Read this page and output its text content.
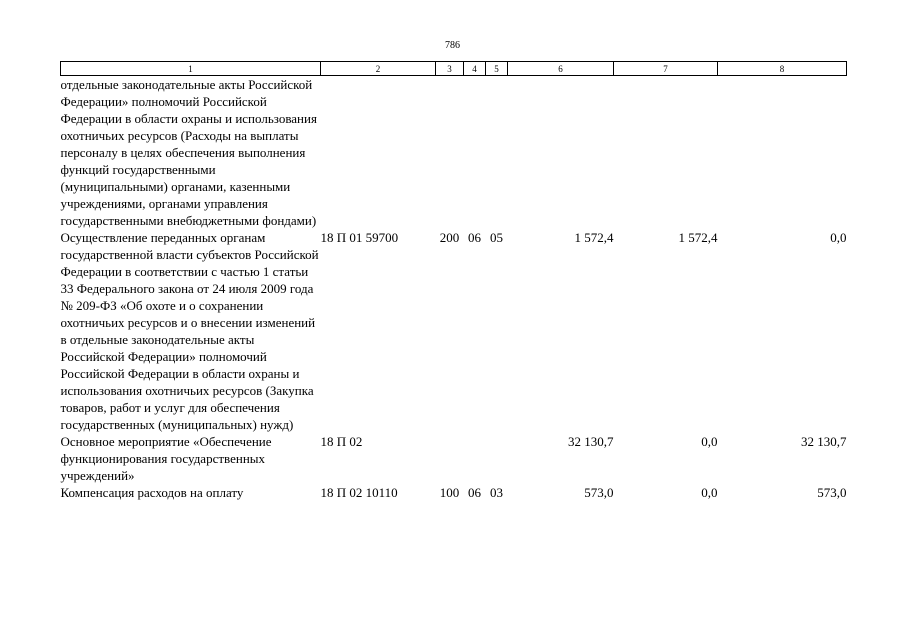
786
1	2	3	4	5	6	7	8
отдельные законодательные акты Российской Федерации» полномочий Российской Федерации в области охраны и использования охотничьих ресурсов (Расходы на выплаты персоналу в целях обеспечения выполнения функций государственными (муниципальными) органами, казенными учреждениями, органами управления государственными внебюджетными фондами)							
Осуществление переданных органам государственной власти субъектов Российской Федерации в соответствии с частью 1 статьи 33 Федерального закона от 24 июля 2009 года № 209-ФЗ «Об охоте и о сохранении охотничьих ресурсов и о внесении изменений в отдельные законодательные акты Российской Федерации» полномочий Российской Федерации в области охраны и использования охотничьих ресурсов (Закупка товаров, работ и услуг для обеспечения государственных (муниципальных) нужд)	18 П 01 59700	200	06	05	1 572,4	1 572,4	0,0
Основное мероприятие «Обеспечение функционирования государственных учреждений»	18 П 02				32 130,7	0,0	32 130,7
Компенсация расходов на оплату	18 П 02 10110	100	06	03	573,0	0,0	573,0
